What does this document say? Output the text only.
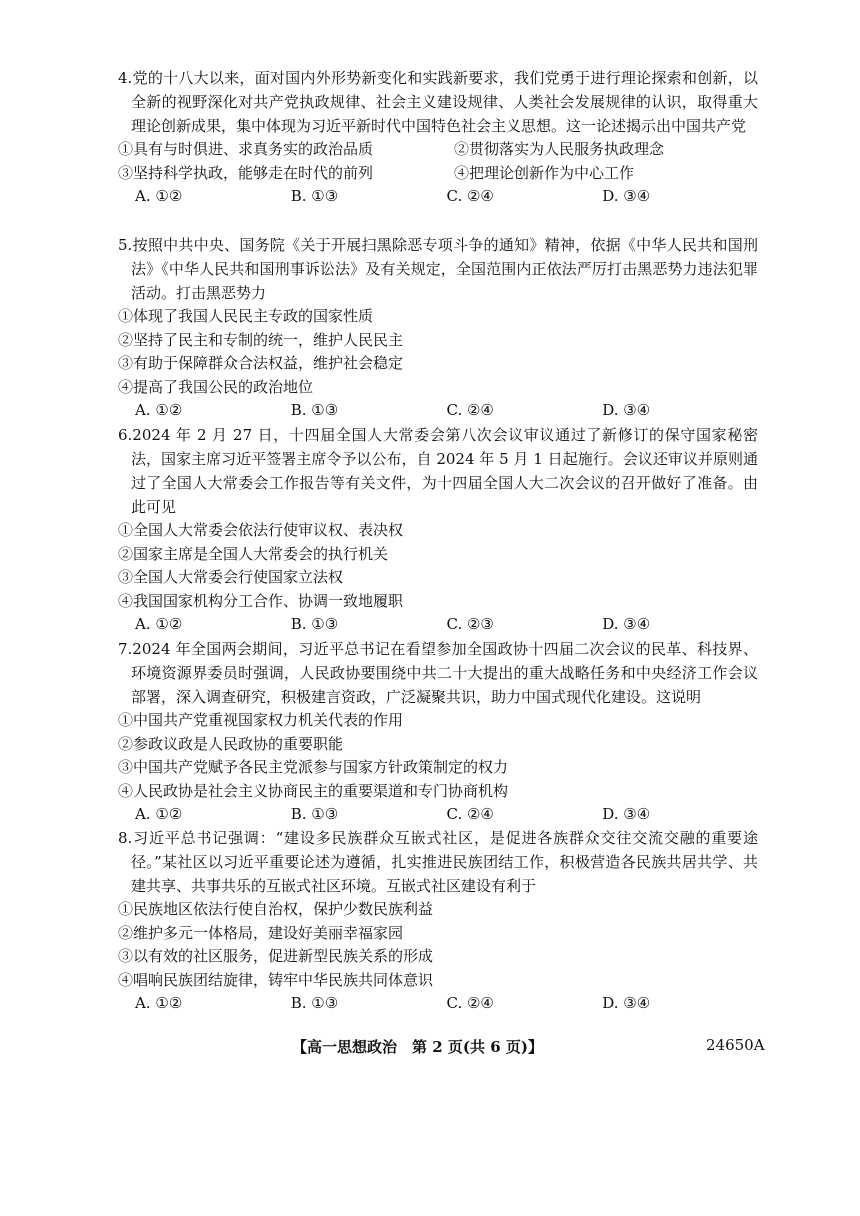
4.党的十八大以来，面对国内外形势新变化和实践新要求，我们党勇于进行理论探索和创新，以全新的视野深化对共产党执政规律、社会主义建设规律、人类社会发展规律的认识，取得重大理论创新成果，集中体现为习近平新时代中国特色社会主义思想。这一论述揭示出中国共产党

①具有与时俱进、求真务实的政治品质	②贯彻落实为人民服务执政理念
③坚持科学执政，能够走在时代的前列	④把理论创新作为中心工作
A. ①②	B. ①③	C. ②④	D. ③④

5.按照中共中央、国务院《关于开展扫黑除恶专项斗争的通知》精神，依据《中华人民共和国刑法》《中华人民共和国刑事诉讼法》及有关规定，全国范围内正依法严厉打击黑恶势力违法犯罪活动。打击黑恶势力

①体现了我国人民民主专政的国家性质
②坚持了民主和专制的统一，维护人民民主
③有助于保障群众合法权益，维护社会稳定
④提高了我国公民的政治地位
A. ①②	B. ①③	C. ②④	D. ③④

6.2024 年 2 月 27 日，十四届全国人大常委会第八次会议审议通过了新修订的保守国家秘密法，国家主席习近平签署主席令予以公布，自 2024 年 5 月 1 日起施行。会议还审议并原则通过了全国人大常委会工作报告等有关文件，为十四届全国人大二次会议的召开做好了准备。由此可见

①全国人大常委会依法行使审议权、表决权
②国家主席是全国人大常委会的执行机关
③全国人大常委会行使国家立法权
④我国国家机构分工合作、协调一致地履职
A. ①②	B. ①③	C. ②③	D. ③④

7.2024 年全国两会期间，习近平总书记在看望参加全国政协十四届二次会议的民革、科技界、环境资源界委员时强调，人民政协要围绕中共二十大提出的重大战略任务和中央经济工作会议部署，深入调查研究，积极建言资政，广泛凝聚共识，助力中国式现代化建设。这说明

①中国共产党重视国家权力机关代表的作用
②参政议政是人民政协的重要职能
③中国共产党赋予各民主党派参与国家方针政策制定的权力
④人民政协是社会主义协商民主的重要渠道和专门协商机构
A. ①②	B. ①③	C. ②④	D. ③④

8.习近平总书记强调：“建设多民族群众互嵌式社区，是促进各族群众交往交流交融的重要途径。”某社区以习近平重要论述为遵循，扎实推进民族团结工作，积极营造各民族共居共学、共建共享、共事共乐的互嵌式社区环境。互嵌式社区建设有利于

①民族地区依法行使自治权，保护少数民族利益
②维护多元一体格局，建设好美丽幸福家园
③以有效的社区服务，促进新型民族关系的形成
④唱响民族团结旋律，铸牢中华民族共同体意识
A. ①②	B. ①③	C. ②④	D. ③④
【高一思想政治　第 2 页(共 6 页)】	24650A
